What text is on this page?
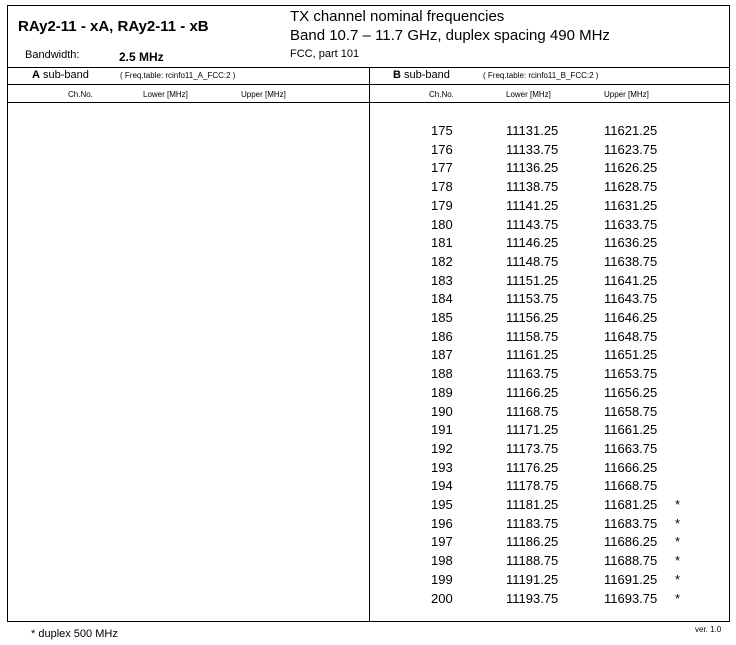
RAy2-11 - xA, RAy2-11 - xB
Bandwidth:	2.5 MHz
TX channel nominal frequencies
Band 10.7 – 11.7 GHz, duplex spacing 490 MHz
FCC, part 101
A sub-band	( Freq.table: rcinfo11_A_FCC:2 )
Ch.No.	Lower [MHz]	Upper [MHz]
B sub-band	( Freq.table: rcinfo11_B_FCC:2 )
Ch.No.	Lower [MHz]	Upper [MHz]
175	11131.25	11621.25
176	11133.75	11623.75
177	11136.25	11626.25
178	11138.75	11628.75
179	11141.25	11631.25
180	11143.75	11633.75
181	11146.25	11636.25
182	11148.75	11638.75
183	11151.25	11641.25
184	11153.75	11643.75
185	11156.25	11646.25
186	11158.75	11648.75
187	11161.25	11651.25
188	11163.75	11653.75
189	11166.25	11656.25
190	11168.75	11658.75
191	11171.25	11661.25
192	11173.75	11663.75
193	11176.25	11666.25
194	11178.75	11668.75
195	11181.25	11681.25 *
196	11183.75	11683.75 *
197	11186.25	11686.25 *
198	11188.75	11688.75 *
199	11191.25	11691.25 *
200	11193.75	11693.75 *
* duplex 500 MHz	ver. 1.0
